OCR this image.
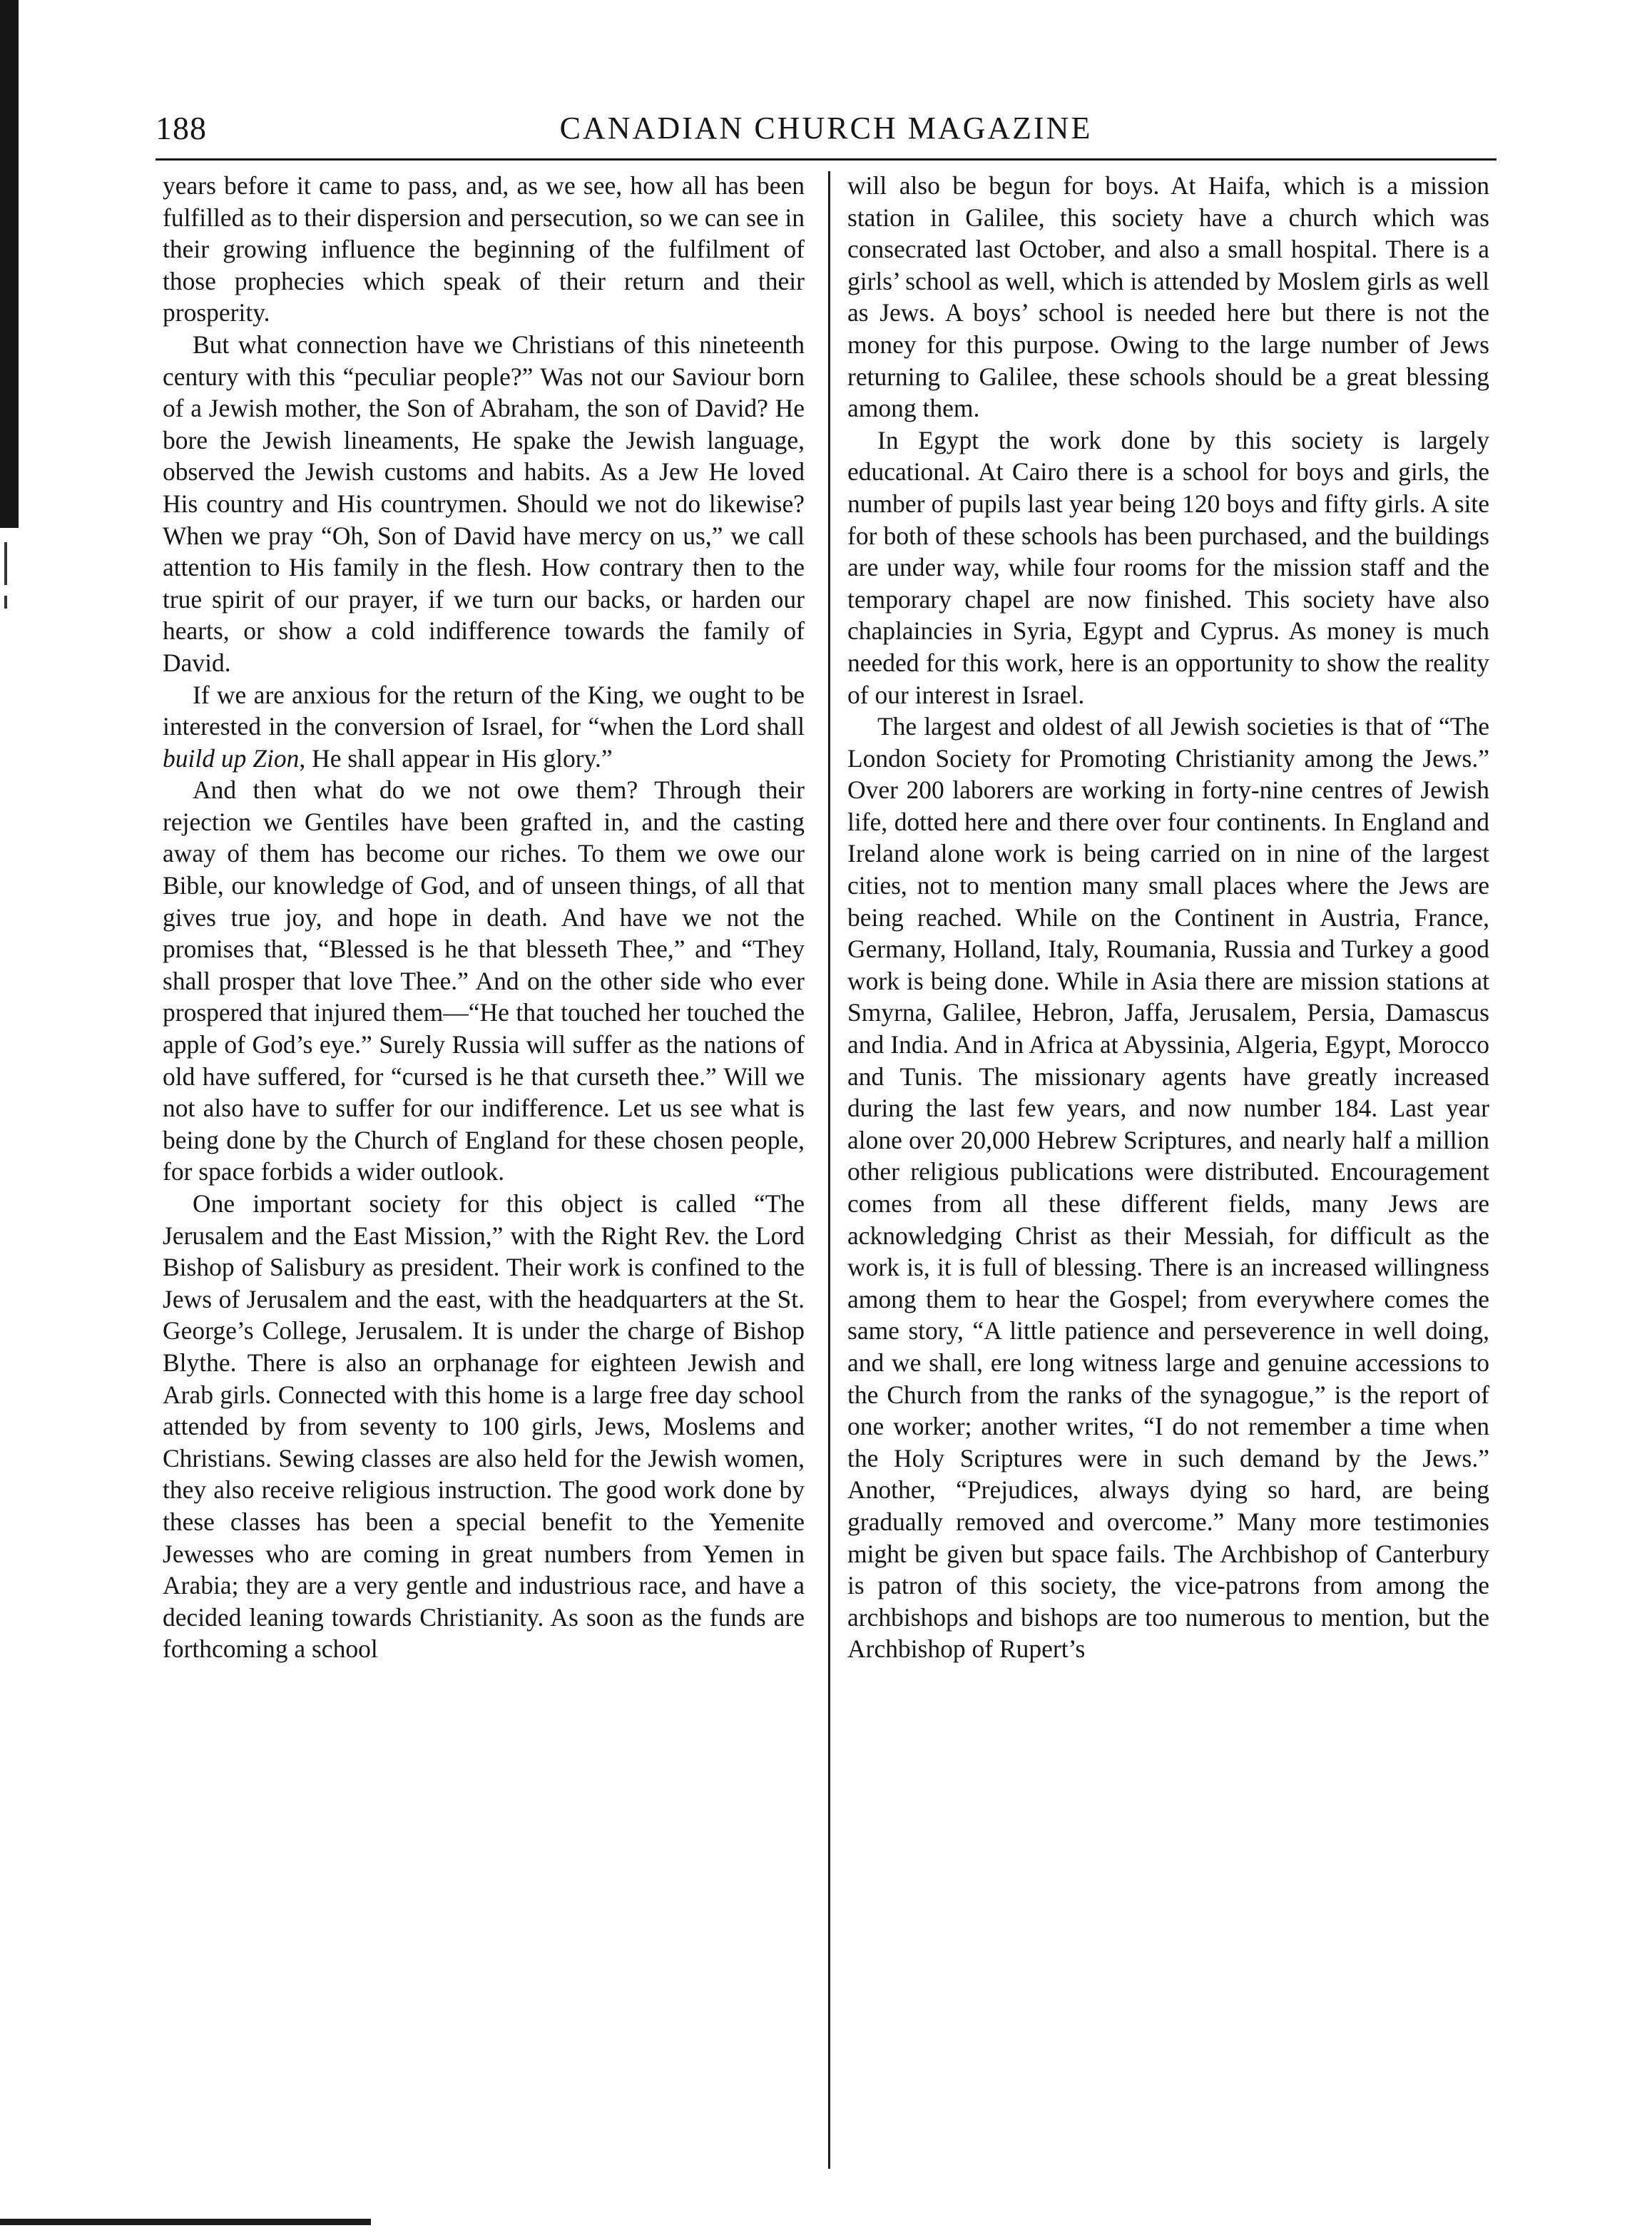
188	CANADIAN CHURCH MAGAZINE

years before it came to pass, and, as we see, how all has been fulfilled as to their dispersion and persecution, so we can see in their growing influence the beginning of the fulfilment of those prophecies which speak of their return and their prosperity.

But what connection have we Christians of this nineteenth century with this “peculiar people?” Was not our Saviour born of a Jewish mother, the Son of Abraham, the son of David? He bore the Jewish lineaments, He spake the Jewish language, observed the Jewish customs and habits. As a Jew He loved His country and His countrymen. Should we not do likewise? When we pray “Oh, Son of David have mercy on us,” we call attention to His family in the flesh. How contrary then to the true spirit of our prayer, if we turn our backs, or harden our hearts, or show a cold indifference towards the family of David.

If we are anxious for the return of the King, we ought to be interested in the conversion of Israel, for “when the Lord shall build up Zion, He shall appear in His glory.”

And then what do we not owe them? Through their rejection we Gentiles have been grafted in, and the casting away of them has become our riches. To them we owe our Bible, our knowledge of God, and of unseen things, of all that gives true joy, and hope in death. And have we not the promises that, “Blessed is he that blesseth Thee,” and “They shall prosper that love Thee.” And on the other side who ever prospered that injured them—“He that touched her touched the apple of God’s eye.” Surely Russia will suffer as the nations of old have suffered, for “cursed is he that curseth thee.” Will we not also have to suffer for our indifference. Let us see what is being done by the Church of England for these chosen people, for space forbids a wider outlook.

One important society for this object is called “The Jerusalem and the East Mission,” with the Right Rev. the Lord Bishop of Salisbury as president. Their work is confined to the Jews of Jerusalem and the east, with the headquarters at the St. George’s College, Jerusalem. It is under the charge of Bishop Blythe. There is also an orphanage for eighteen Jewish and Arab girls. Connected with this home is a large free day school attended by from seventy to 100 girls, Jews, Moslems and Christians. Sewing classes are also held for the Jewish women, they also receive religious instruction. The good work done by these classes has been a special benefit to the Yemenite Jewesses who are coming in great numbers from Yemen in Arabia; they are a very gentle and industrious race, and have a decided leaning towards Christianity. As soon as the funds are forthcoming a school

will also be begun for boys. At Haifa, which is a mission station in Galilee, this society have a church which was consecrated last October, and also a small hospital. There is a girls’ school as well, which is attended by Moslem girls as well as Jews. A boys’ school is needed here but there is not the money for this purpose. Owing to the large number of Jews returning to Galilee, these schools should be a great blessing among them.

In Egypt the work done by this society is largely educational. At Cairo there is a school for boys and girls, the number of pupils last year being 120 boys and fifty girls. A site for both of these schools has been purchased, and the buildings are under way, while four rooms for the mission staff and the temporary chapel are now finished. This society have also chaplaincies in Syria, Egypt and Cyprus. As money is much needed for this work, here is an opportunity to show the reality of our interest in Israel.

The largest and oldest of all Jewish societies is that of “The London Society for Promoting Christianity among the Jews.” Over 200 laborers are working in forty-nine centres of Jewish life, dotted here and there over four continents. In England and Ireland alone work is being carried on in nine of the largest cities, not to mention many small places where the Jews are being reached. While on the Continent in Austria, France, Germany, Holland, Italy, Roumania, Russia and Turkey a good work is being done. While in Asia there are mission stations at Smyrna, Galilee, Hebron, Jaffa, Jerusalem, Persia, Damascus and India. And in Africa at Abyssinia, Algeria, Egypt, Morocco and Tunis. The missionary agents have greatly increased during the last few years, and now number 184. Last year alone over 20,000 Hebrew Scriptures, and nearly half a million other religious publications were distributed. Encouragement comes from all these different fields, many Jews are acknowledging Christ as their Messiah, for difficult as the work is, it is full of blessing. There is an increased willingness among them to hear the Gospel; from everywhere comes the same story, “A little patience and perseverence in well doing, and we shall, ere long witness large and genuine accessions to the Church from the ranks of the synagogue,” is the report of one worker; another writes, “I do not remember a time when the Holy Scriptures were in such demand by the Jews.” Another, “Prejudices, always dying so hard, are being gradually removed and overcome.” Many more testimonies might be given but space fails. The Archbishop of Canterbury is patron of this society, the vice-patrons from among the archbishops and bishops are too numerous to mention, but the Archbishop of Rupert’s
